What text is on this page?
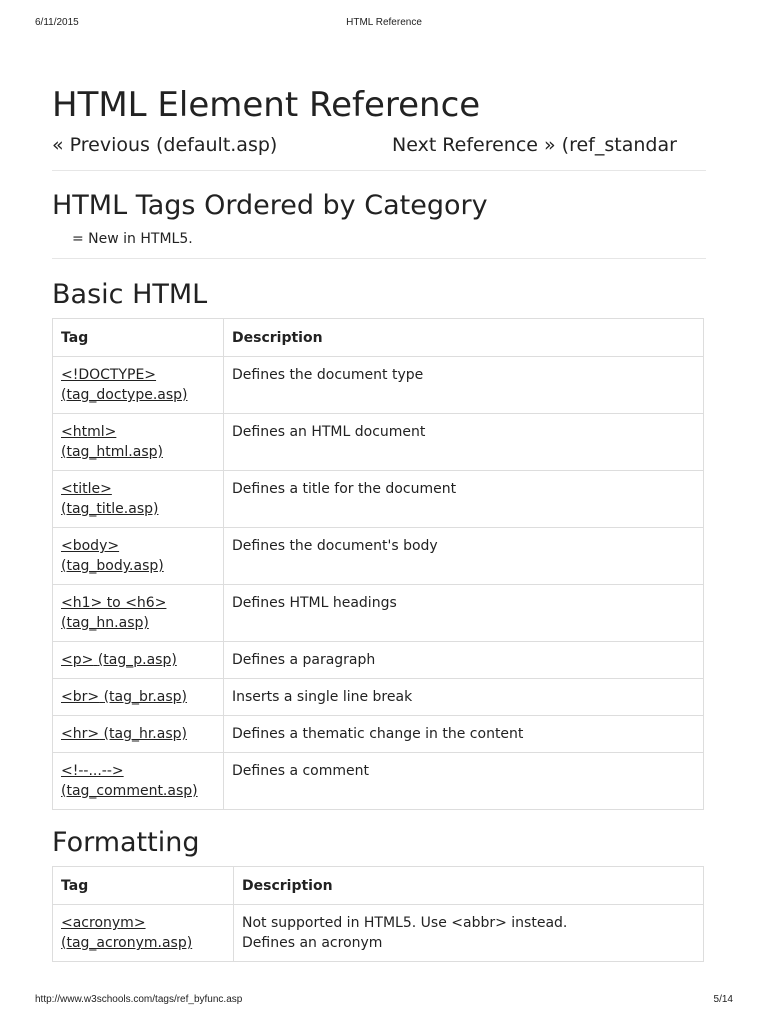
6/11/2015	HTML Reference
HTML Element Reference
« Previous (default.asp)	Next Reference » (ref_standar
HTML Tags Ordered by Category
= New in HTML5.
Basic HTML
Tag	Description
<!DOCTYPE>
(tag_doctype.asp)	Defines the document type
<html>
(tag_html.asp)	Defines an HTML document
<title>
(tag_title.asp)	Defines a title for the document
<body>
(tag_body.asp)	Defines the document's body
<h1> to <h6>
(tag_hn.asp)	Defines HTML headings
<p> (tag_p.asp)	Defines a paragraph
<br> (tag_br.asp)	Inserts a single line break
<hr> (tag_hr.asp)	Defines a thematic change in the content
<!--...-->
(tag_comment.asp)	Defines a comment
Formatting
Tag	Description
<acronym>
(tag_acronym.asp)	Not supported in HTML5. Use <abbr> instead.
Defines an acronym
http://www.w3schools.com/tags/ref_byfunc.asp	5/14
